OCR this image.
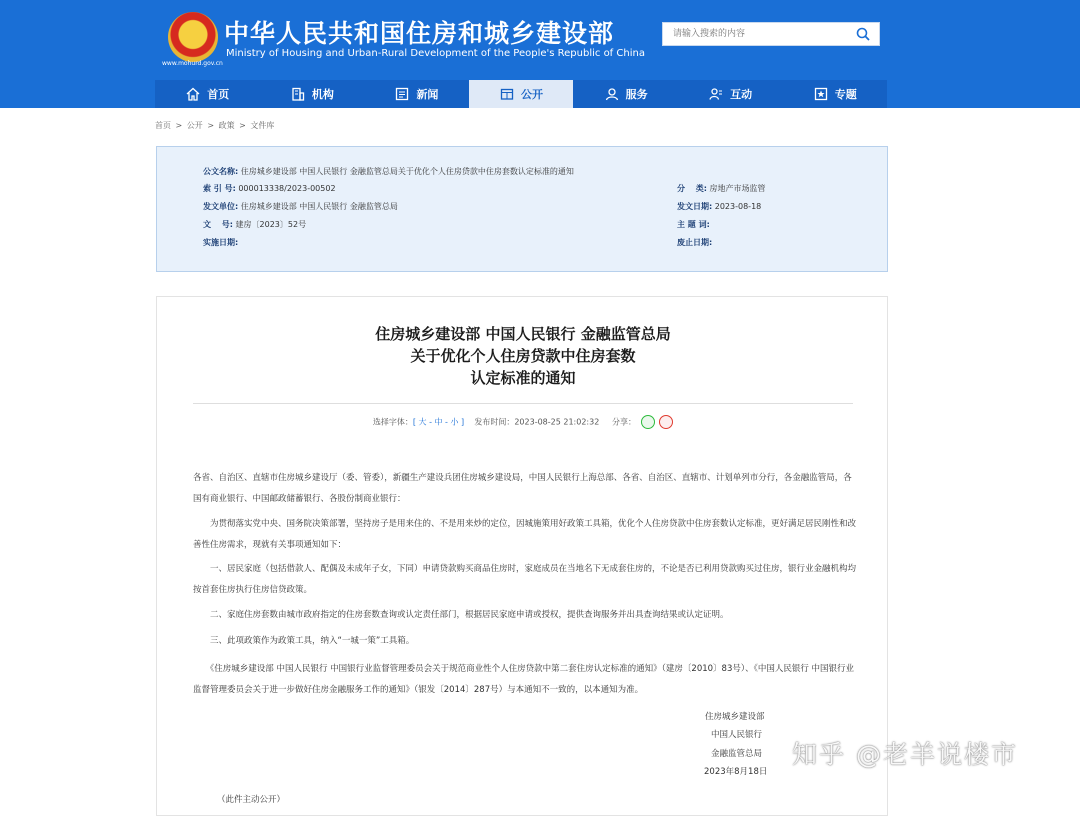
★ 中华人民共和国住房和城乡建设部
Ministry of Housing and Urban-Rural Development of the People's Republic of China
www.mohurd.gov.cn
请输入搜索的内容
首页	机构	新闻	公开	服务	互动	专题
首页 > 公开 > 政策 > 文件库
公文名称: 住房城乡建设部 中国人民银行 金融监管总局关于优化个人住房贷款中住房套数认定标准的通知
索 引 号: 000013338/2023-00502	分　 类: 房地产市场监管
发文单位: 住房城乡建设部 中国人民银行 金融监管总局	发文日期: 2023-08-18
文　 号: 建房〔2023〕52号	主 题 词:
实施日期:	废止日期:
住房城乡建设部 中国人民银行 金融监管总局
关于优化个人住房贷款中住房套数
认定标准的通知
选择字体：[ 大 - 中 - 小 ] 发布时间：2023-08-25 21:02:32 分享：
各省、自治区、直辖市住房城乡建设厅（委、管委），新疆生产建设兵团住房城乡建设局，中国人民银行上海总部、各省、自治区、直辖市、计划单列市分行，各金融监管局，各国有商业银行、中国邮政储蓄银行、各股份制商业银行：
　　为贯彻落实党中央、国务院决策部署，坚持房子是用来住的、不是用来炒的定位，因城施策用好政策工具箱，优化个人住房贷款中住房套数认定标准，更好满足居民刚性和改善性住房需求，现就有关事项通知如下：
　　一、居民家庭（包括借款人、配偶及未成年子女，下同）申请贷款购买商品住房时，家庭成员在当地名下无成套住房的，不论是否已利用贷款购买过住房，银行业金融机构均按首套住房执行住房信贷政策。
　　二、家庭住房套数由城市政府指定的住房套数查询或认定责任部门，根据居民家庭申请或授权，提供查询服务并出具查询结果或认定证明。
　　三、此项政策作为政策工具，纳入“一城一策”工具箱。
　　《住房城乡建设部 中国人民银行 中国银行业监督管理委员会关于规范商业性个人住房贷款中第二套住房认定标准的通知》（建房〔2010〕83号）、《中国人民银行 中国银行业监督管理委员会关于进一步做好住房金融服务工作的通知》（银发〔2014〕287号）与本通知不一致的，以本通知为准。
住房城乡建设部
中国人民银行
金融监管总局
2023年8月18日
（此件主动公开）
知乎 @老羊说楼市
